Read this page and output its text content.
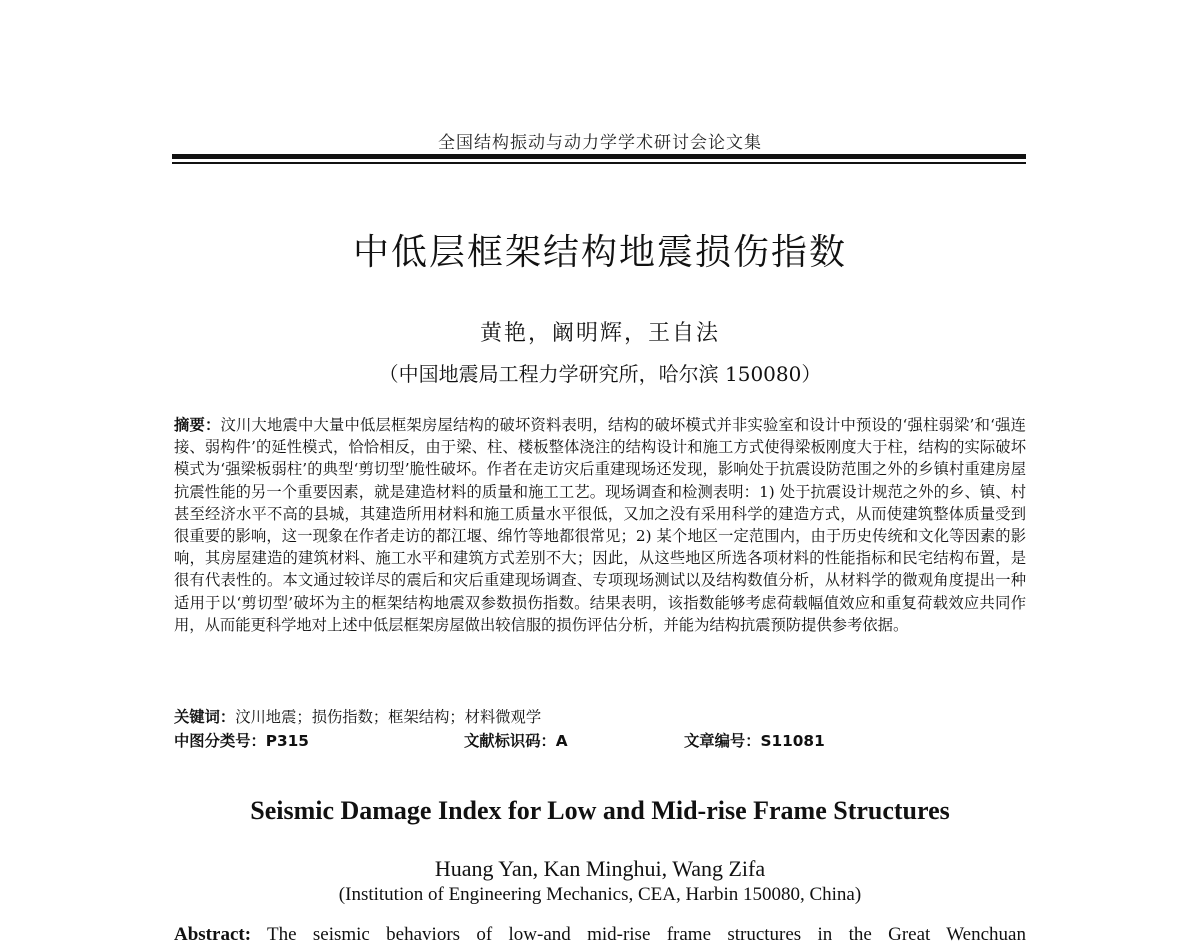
全国结构振动与动力学学术研讨会论文集
中低层框架结构地震损伤指数
黄艳，阚明辉，王自法
（中国地震局工程力学研究所，哈尔滨 150080）
摘要：汶川大地震中大量中低层框架房屋结构的破坏资料表明，结构的破坏模式并非实验室和设计中预设的‘强柱弱梁’和‘强连接、弱构件’的延性模式，恰恰相反，由于梁、柱、楼板整体浇注的结构设计和施工方式使得梁板刚度大于柱，结构的实际破坏模式为‘强梁板弱柱’的典型‘剪切型’脆性破坏。作者在走访灾后重建现场还发现，影响处于抗震设防范围之外的乡镇村重建房屋抗震性能的另一个重要因素，就是建造材料的质量和施工工艺。现场调查和检测表明：1) 处于抗震设计规范之外的乡、镇、村甚至经济水平不高的县城，其建造所用材料和施工质量水平很低，又加之没有采用科学的建造方式，从而使建筑整体质量受到很重要的影响，这一现象在作者走访的都江堰、绵竹等地都很常见；2) 某个地区一定范围内，由于历史传统和文化等因素的影响，其房屋建造的建筑材料、施工水平和建筑方式差别不大；因此，从这些地区所选各项材料的性能指标和民宅结构布置，是很有代表性的。本文通过较详尽的震后和灾后重建现场调查、专项现场测试以及结构数值分析，从材料学的微观角度提出一种适用于以‘剪切型’破坏为主的框架结构地震双参数损伤指数。结果表明，该指数能够考虑荷载幅值效应和重复荷载效应共同作用，从而能更科学地对上述中低层框架房屋做出较信服的损伤评估分析，并能为结构抗震预防提供参考依据。
关键词：汶川地震；损伤指数；框架结构；材料微观学
中图分类号：P315	文献标识码：A	文章编号：S11081
Seismic Damage Index for Low and Mid-rise Frame Structures
Huang Yan, Kan Minghui, Wang Zifa
(Institution of Engineering Mechanics, CEA, Harbin 150080, China)
Abstract: The seismic behaviors of low-and mid-rise frame structures in the Great Wenchuan
